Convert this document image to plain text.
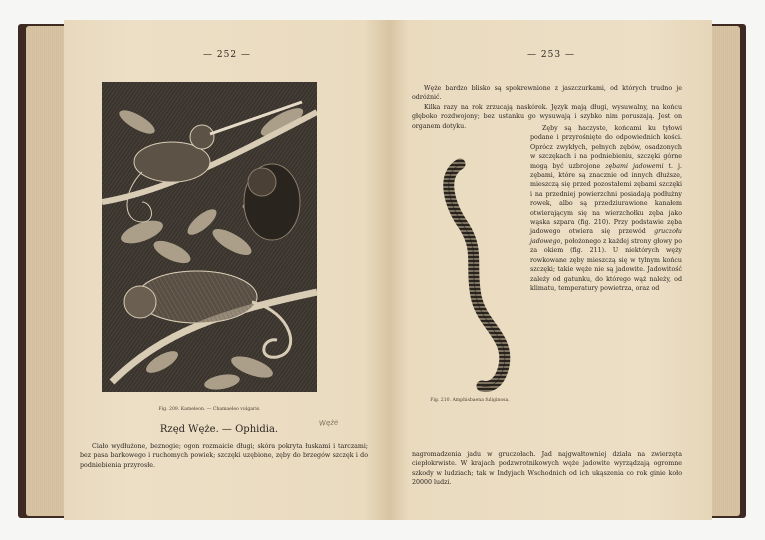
— 252 —
Fig. 209. Kameleon. — Chamaeleo vulgaris.
Rzęd Węże. — Ophidia.
Węże
Ciało wydłużone, beznogie; ogon rozmaicie długi; skóra pokryta łuskami i tarczami; bez pasa barkowego i ruchomych powiek; szczęki uzębione, zęby do brzegów szczęk i do podniebienia przyrosłe.
— 253 —
Węże bardzo blisko są spokrewnione z jaszczurkami, od których trudno je odróżnić.
Kilka razy na rok zrzucają naskórek. Język mają długi, wysuwalny, na końcu głęboko rozdwojony; bez ustanku go wysuwają i szybko nim poruszają. Jest on organem dotyku.	Zęby są haczyste, końcami ku tyłowi podane i przyrośnięte do odpowiednich kości. Oprócz zwykłych, pełnych zębów, osadzonych w szczękach i na podniebieniu, szczęki górne mogą być uzbrojone zębami jadowemi t. j. zębami, które są znacznie od innych dłuższe, mieszczą się przed pozostałemi zębami szczęki i na przedniej powierzchni posiadają podłużny rowek, albo są przedziurawione kanałem otwierającym się na wierzchołku zęba jako wąska szpara (fig. 210). Przy podstawie zęba jadowego otwiera się przewód gruczołu jadowego, położonego z każdej strony głowy po za okiem (fig. 211). U niektórych węży rowkowane zęby mieszczą się w tylnym końcu szczęki; takie węże nie są jadowite. Jadowitość zależy od gatunku, do którego wąż należy, od klimatu, temperatury powietrza, oraz od
Fig. 210. Amphisbaena fuliginosa.
nagromadzenia jadu w gruczołach. Jad najgwałtowniej działa na zwierzęta ciepłokrwiste. W krajach podzwrotnikowych węże jadowite wyrządzają ogromne szkody w ludziach; tak w Indyjach Wschodnich od ich ukąszenia co rok ginie koło 20000 ludzi.
